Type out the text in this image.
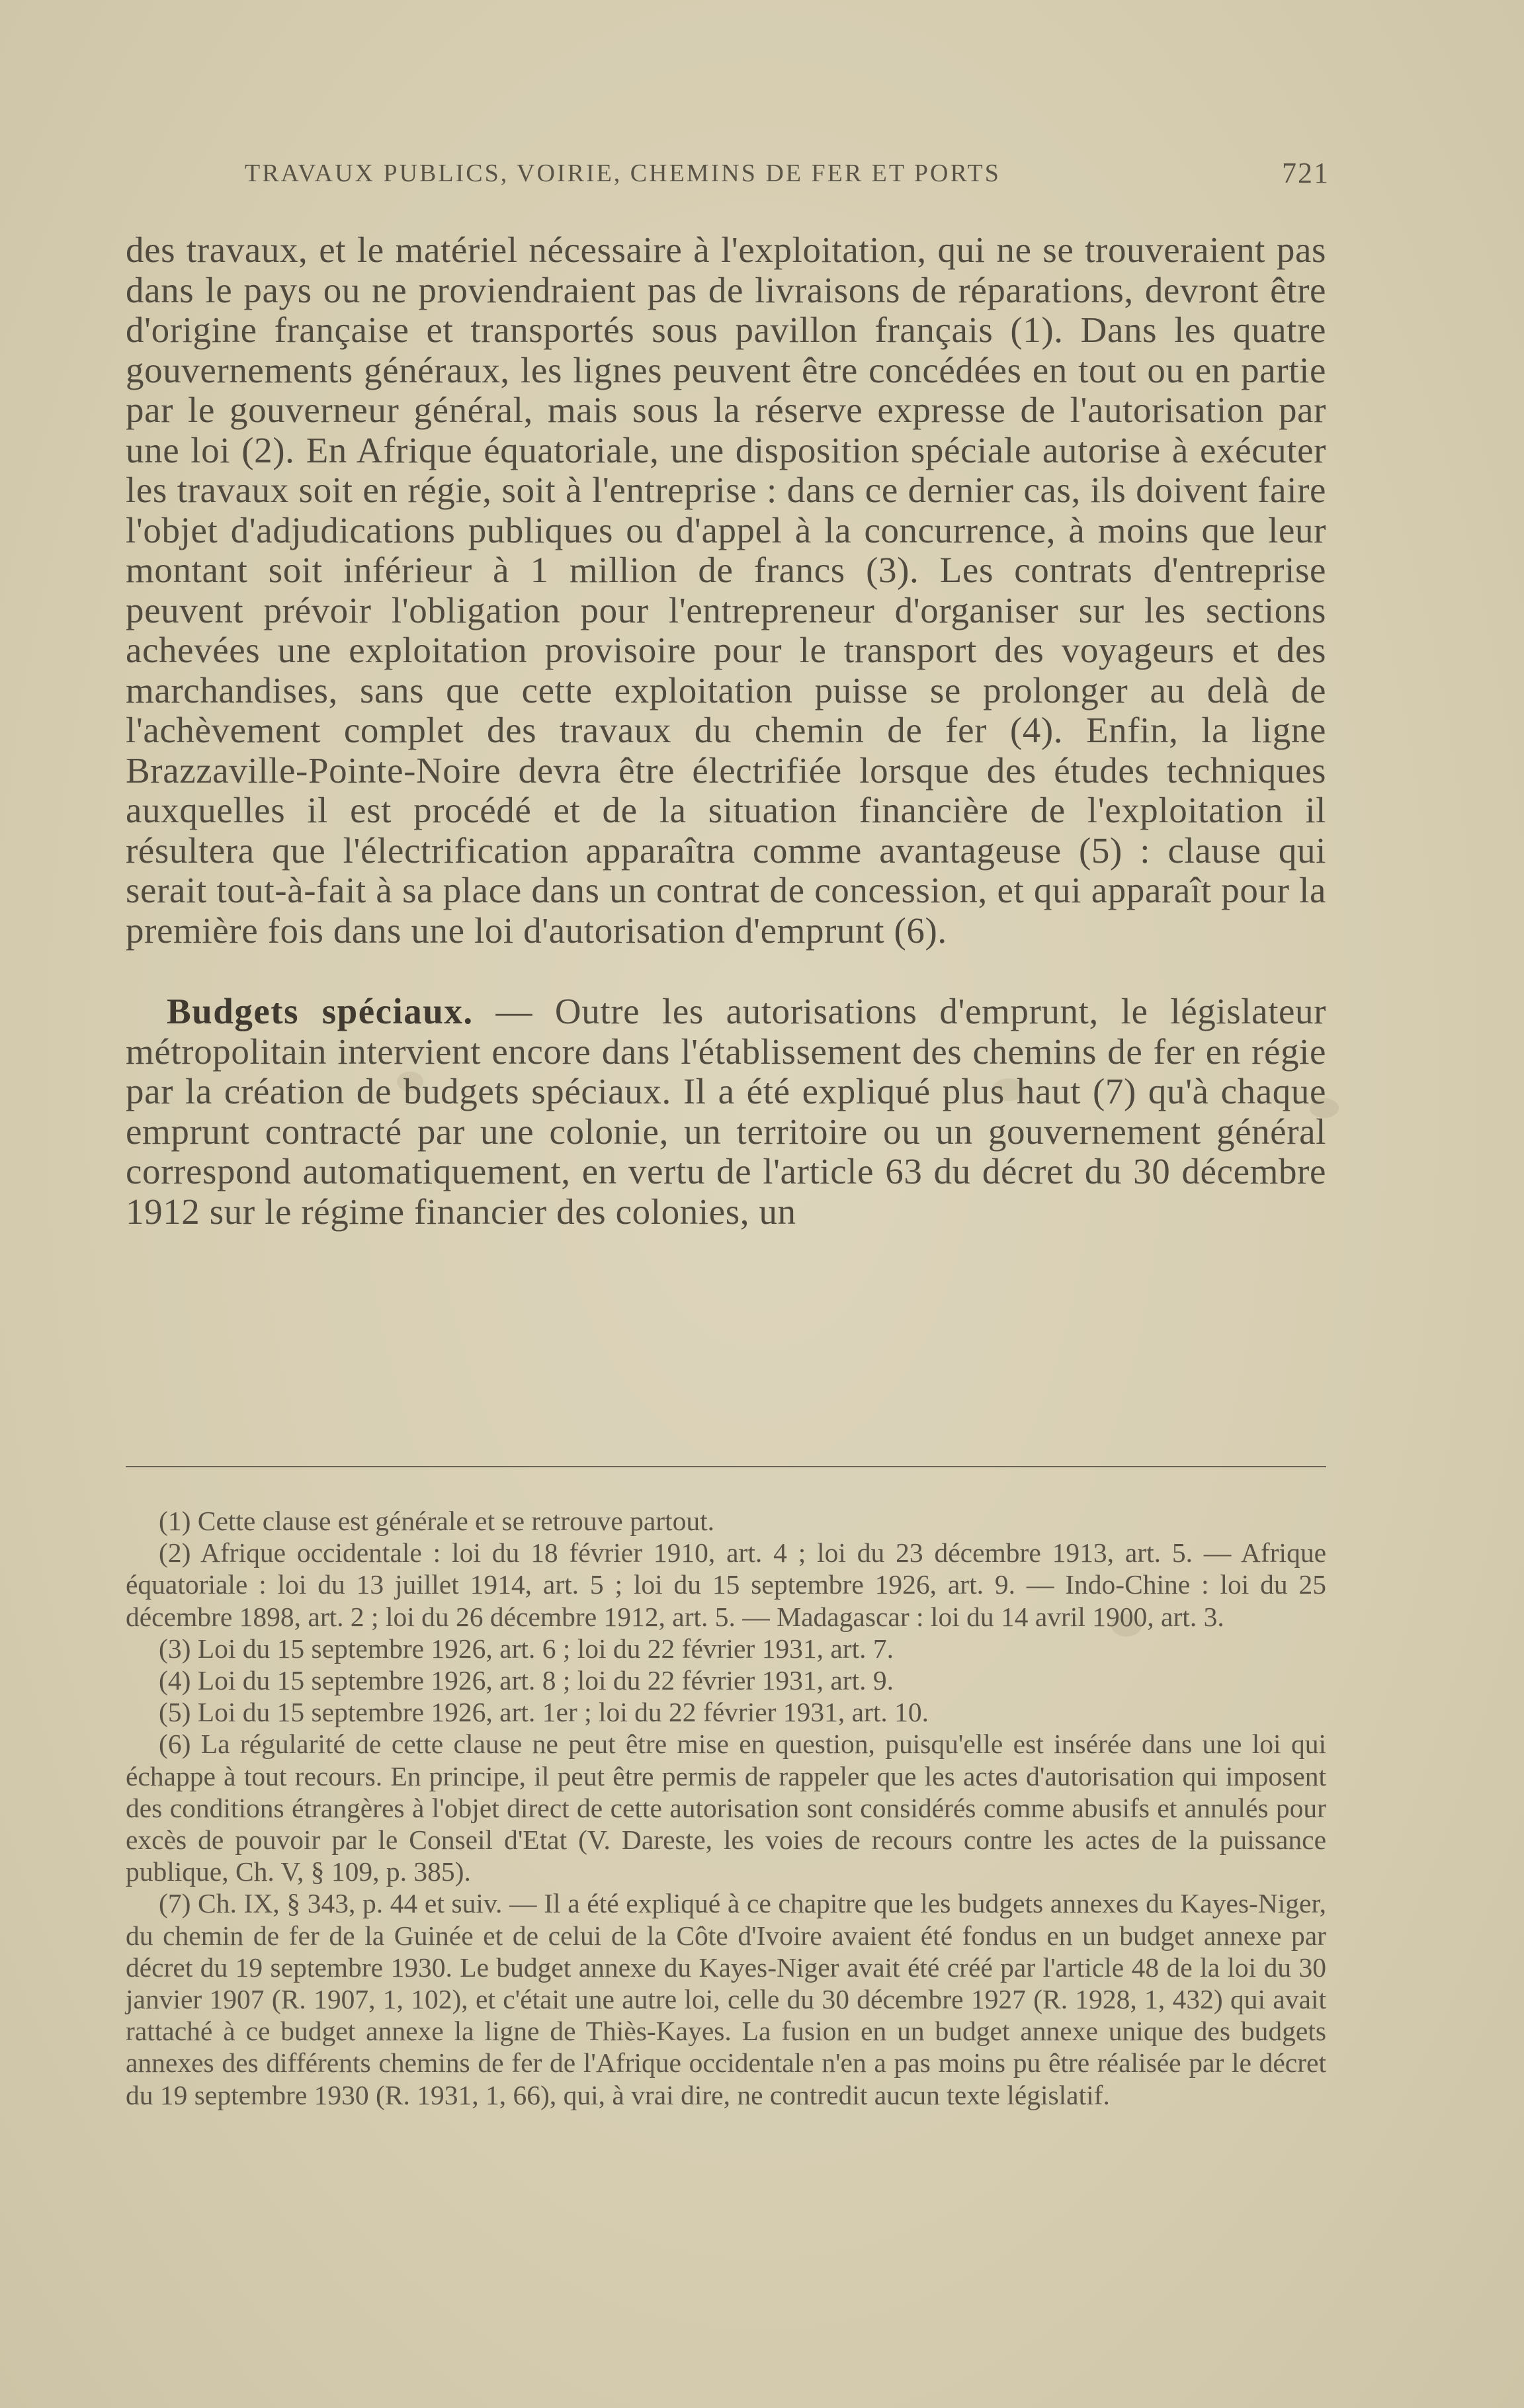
TRAVAUX PUBLICS, VOIRIE, CHEMINS DE FER ET PORTS	721

des travaux, et le matériel nécessaire à l'exploitation, qui ne se trouveraient pas dans le pays ou ne proviendraient pas de livraisons de réparations, devront être d'origine française et transportés sous pavillon français (1). Dans les quatre gouvernements généraux, les lignes peuvent être concédées en tout ou en partie par le gouverneur général, mais sous la réserve expresse de l'autorisation par une loi (2). En Afrique équatoriale, une disposition spéciale autorise à exécuter les travaux soit en régie, soit à l'entreprise : dans ce dernier cas, ils doivent faire l'objet d'adjudications publiques ou d'appel à la concurrence, à moins que leur montant soit inférieur à 1 million de francs (3). Les contrats d'entreprise peuvent prévoir l'obligation pour l'entrepreneur d'organiser sur les sections achevées une exploitation provisoire pour le transport des voyageurs et des marchandises, sans que cette exploitation puisse se prolonger au delà de l'achèvement complet des travaux du chemin de fer (4). Enfin, la ligne Brazzaville-Pointe-Noire devra être électrifiée lorsque des études techniques auxquelles il est procédé et de la situation financière de l'exploitation il résultera que l'électrification apparaîtra comme avantageuse (5) : clause qui serait tout-à-fait à sa place dans un contrat de concession, et qui apparaît pour la première fois dans une loi d'autorisation d'emprunt (6).

Budgets spéciaux. — Outre les autorisations d'emprunt, le législateur métropolitain intervient encore dans l'établissement des chemins de fer en régie par la création de budgets spéciaux. Il a été expliqué plus haut (7) qu'à chaque emprunt contracté par une colonie, un territoire ou un gouvernement général correspond automatiquement, en vertu de l'article 63 du décret du 30 décembre 1912 sur le régime financier des colonies, un

(1) Cette clause est générale et se retrouve partout.

(2) Afrique occidentale : loi du 18 février 1910, art. 4 ; loi du 23 décembre 1913, art. 5. — Afrique équatoriale : loi du 13 juillet 1914, art. 5 ; loi du 15 septembre 1926, art. 9. — Indo-Chine : loi du 25 décembre 1898, art. 2 ; loi du 26 décembre 1912, art. 5. — Madagascar : loi du 14 avril 1900, art. 3.

(3) Loi du 15 septembre 1926, art. 6 ; loi du 22 février 1931, art. 7.

(4) Loi du 15 septembre 1926, art. 8 ; loi du 22 février 1931, art. 9.

(5) Loi du 15 septembre 1926, art. 1er ; loi du 22 février 1931, art. 10.

(6) La régularité de cette clause ne peut être mise en question, puisqu'elle est insérée dans une loi qui échappe à tout recours. En principe, il peut être permis de rappeler que les actes d'autorisation qui imposent des conditions étrangères à l'objet direct de cette autorisation sont considérés comme abusifs et annulés pour excès de pouvoir par le Conseil d'Etat (V. Dareste, les voies de recours contre les actes de la puissance publique, Ch. V, § 109, p. 385).

(7) Ch. IX, § 343, p. 44 et suiv. — Il a été expliqué à ce chapitre que les budgets annexes du Kayes-Niger, du chemin de fer de la Guinée et de celui de la Côte d'Ivoire avaient été fondus en un budget annexe par décret du 19 septembre 1930. Le budget annexe du Kayes-Niger avait été créé par l'article 48 de la loi du 30 janvier 1907 (R. 1907, 1, 102), et c'était une autre loi, celle du 30 décembre 1927 (R. 1928, 1, 432) qui avait rattaché à ce budget annexe la ligne de Thiès-Kayes. La fusion en un budget annexe unique des budgets annexes des différents chemins de fer de l'Afrique occidentale n'en a pas moins pu être réalisée par le décret du 19 septembre 1930 (R. 1931, 1, 66), qui, à vrai dire, ne contredit aucun texte législatif.
